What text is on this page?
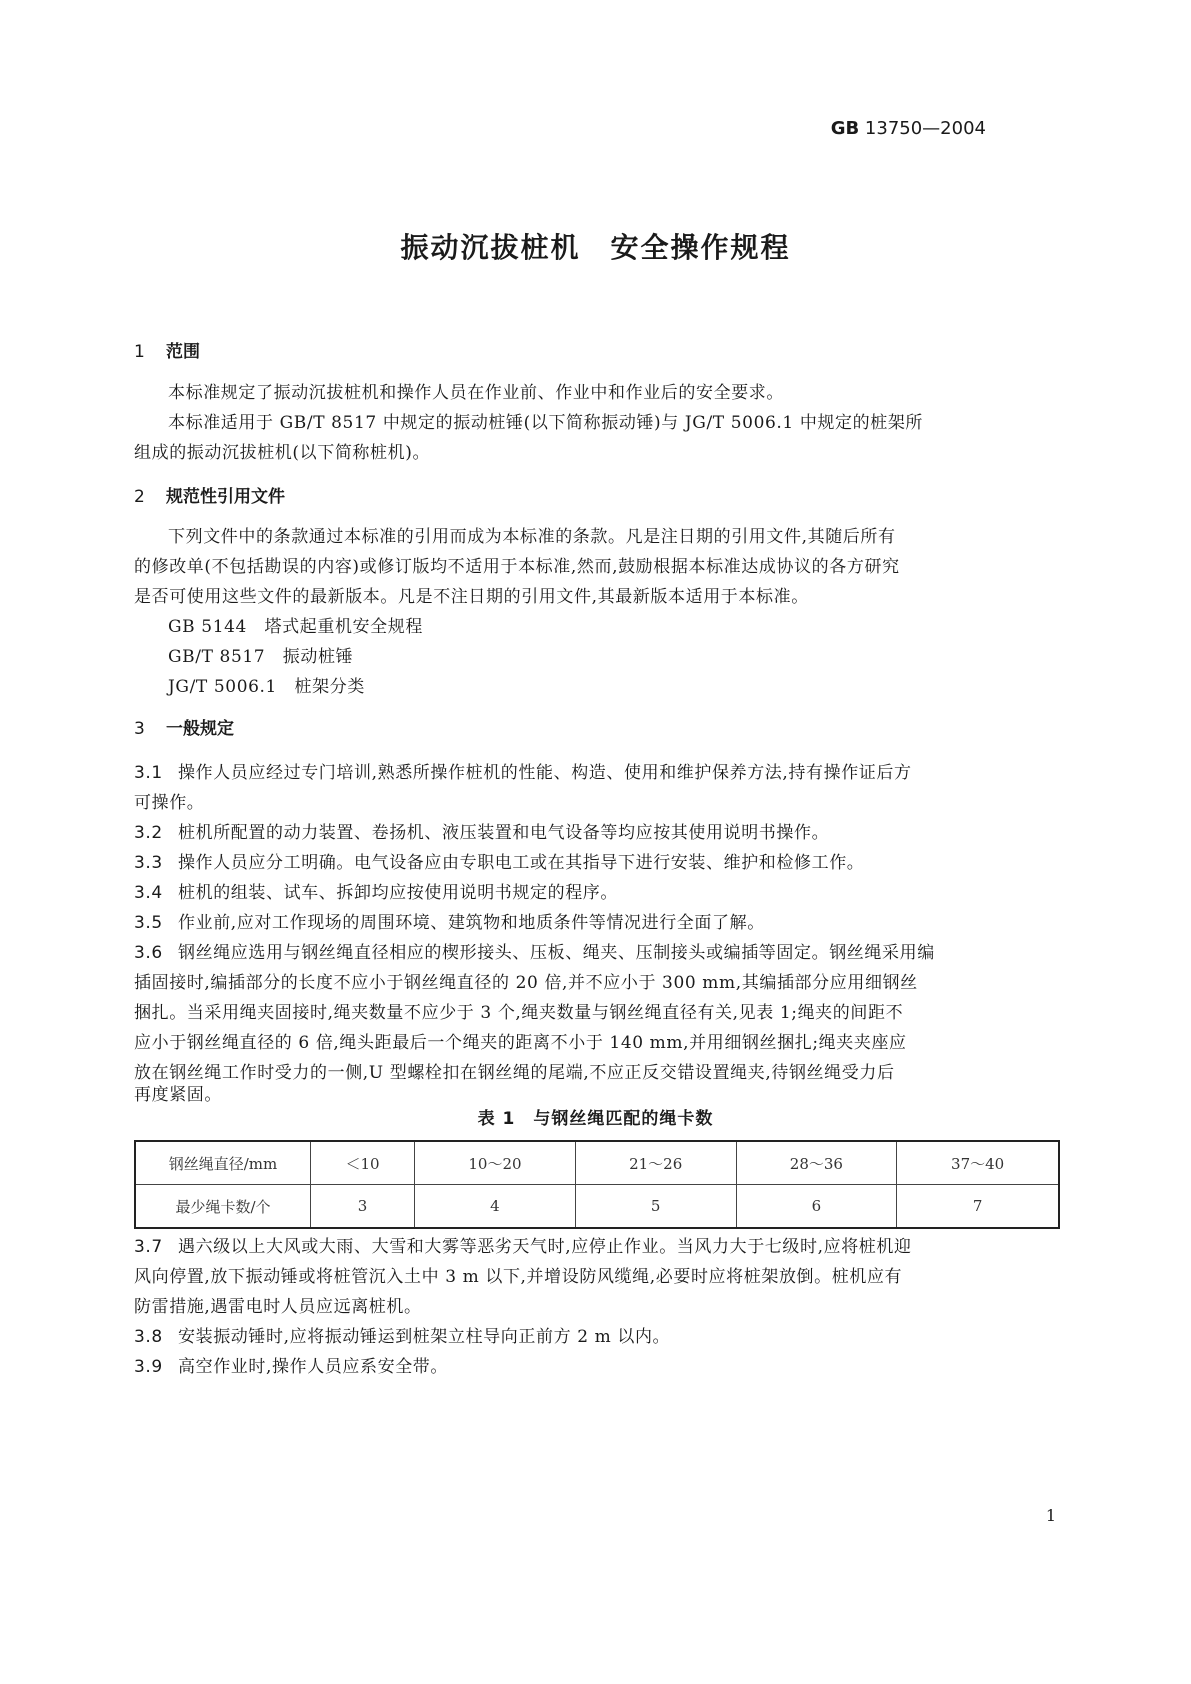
GB 13750—2004
振动沉拔桩机　安全操作规程
1 范围
本标准规定了振动沉拔桩机和操作人员在作业前、作业中和作业后的安全要求。
本标准适用于 GB/T 8517 中规定的振动桩锤(以下简称振动锤)与 JG/T 5006.1 中规定的桩架所
组成的振动沉拔桩机(以下简称桩机)。
2 规范性引用文件
下列文件中的条款通过本标准的引用而成为本标准的条款。凡是注日期的引用文件,其随后所有
的修改单(不包括勘误的内容)或修订版均不适用于本标准,然而,鼓励根据本标准达成协议的各方研究
是否可使用这些文件的最新版本。凡是不注日期的引用文件,其最新版本适用于本标准。
GB 5144　塔式起重机安全规程
GB/T 8517　振动桩锤
JG/T 5006.1　桩架分类
3 一般规定
3.1 操作人员应经过专门培训,熟悉所操作桩机的性能、构造、使用和维护保养方法,持有操作证后方
可操作。
3.2 桩机所配置的动力装置、卷扬机、液压装置和电气设备等均应按其使用说明书操作。
3.3 操作人员应分工明确。电气设备应由专职电工或在其指导下进行安装、维护和检修工作。
3.4 桩机的组装、试车、拆卸均应按使用说明书规定的程序。
3.5 作业前,应对工作现场的周围环境、建筑物和地质条件等情况进行全面了解。
3.6 钢丝绳应选用与钢丝绳直径相应的楔形接头、压板、绳夹、压制接头或编插等固定。钢丝绳采用编
插固接时,编插部分的长度不应小于钢丝绳直径的 20 倍,并不应小于 300 mm,其编插部分应用细钢丝
捆扎。当采用绳夹固接时,绳夹数量不应少于 3 个,绳夹数量与钢丝绳直径有关,见表 1;绳夹的间距不
应小于钢丝绳直径的 6 倍,绳头距最后一个绳夹的距离不小于 140 mm,并用细钢丝捆扎;绳夹夹座应
放在钢丝绳工作时受力的一侧,U 型螺栓扣在钢丝绳的尾端,不应正反交错设置绳夹,待钢丝绳受力后
再度紧固。
表 1　与钢丝绳匹配的绳卡数
钢丝绳直径/mm	＜10	10～20	21～26	28～36	37～40
最少绳卡数/个	3	4	5	6	7
3.7 遇六级以上大风或大雨、大雪和大雾等恶劣天气时,应停止作业。当风力大于七级时,应将桩机迎
风向停置,放下振动锤或将桩管沉入土中 3 m 以下,并增设防风缆绳,必要时应将桩架放倒。桩机应有
防雷措施,遇雷电时人员应远离桩机。
3.8 安装振动锤时,应将振动锤运到桩架立柱导向正前方 2 m 以内。
3.9 高空作业时,操作人员应系安全带。
1
